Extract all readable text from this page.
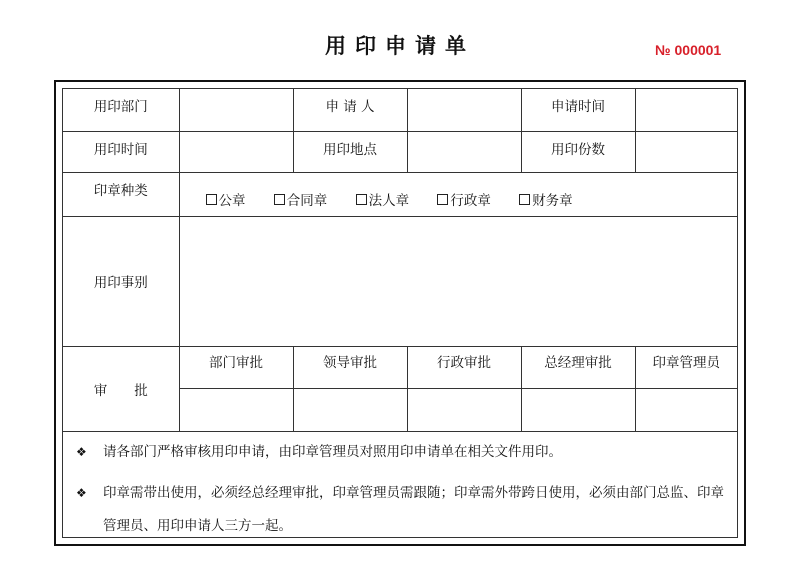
用印申请单	№ 000001
用印部门		申 请 人		申请时间	
用印时间		用印地点		用印份数	
印章种类	公章 合同章 法人章 行政章 财务章				
用印事别					
审　　批	部门审批	领导审批	行政审批	总经理审批	印章管理员

❖ 请各部门严格审核用印申请，由印章管理员对照用印申请单在相关文件用印。
❖ 印章需带出使用，必须经总经理审批，印章管理员需跟随；印章需外带跨日使用，必须由部门总监、印章管理员、用印申请人三方一起。
